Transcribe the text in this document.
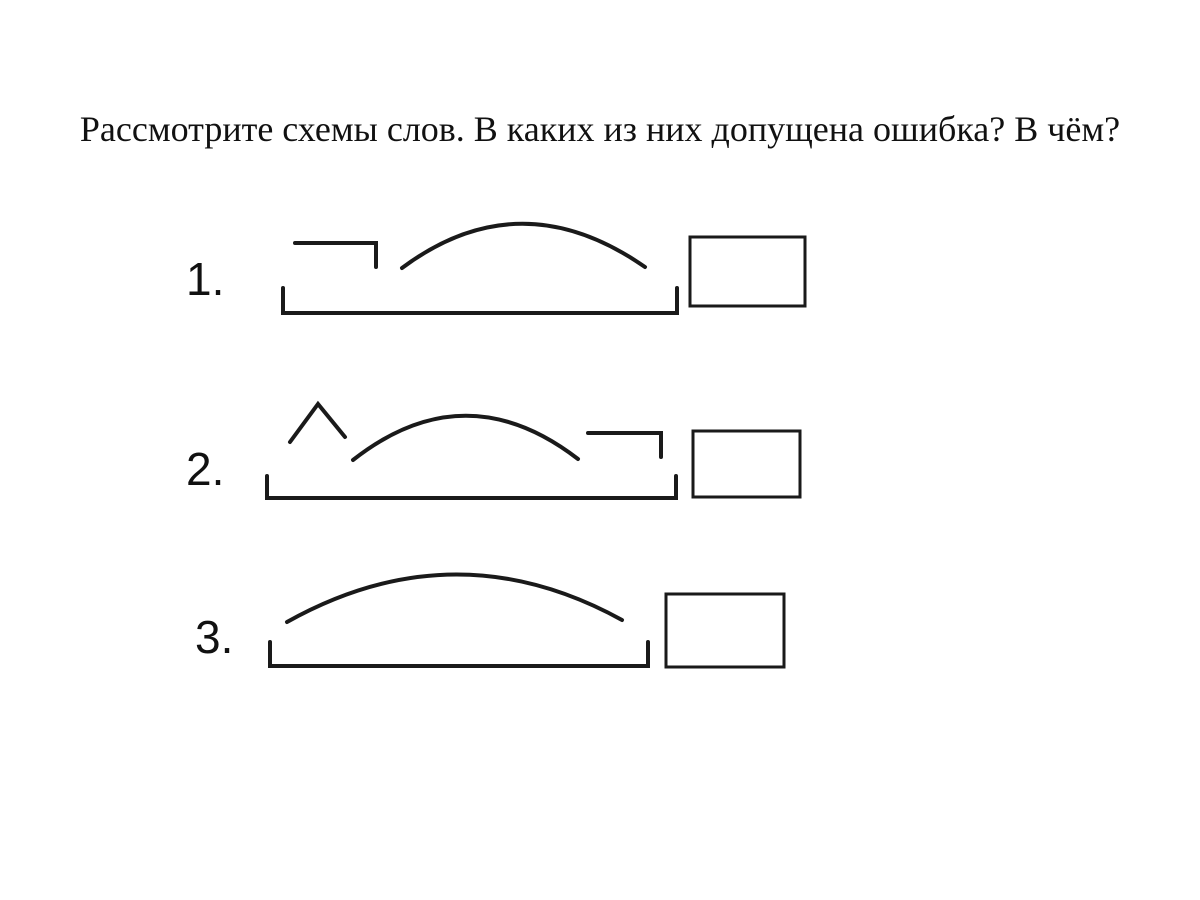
Рассмотрите схемы слов. В каких из них допущена ошибка? В чём?
1.
2.
3.
